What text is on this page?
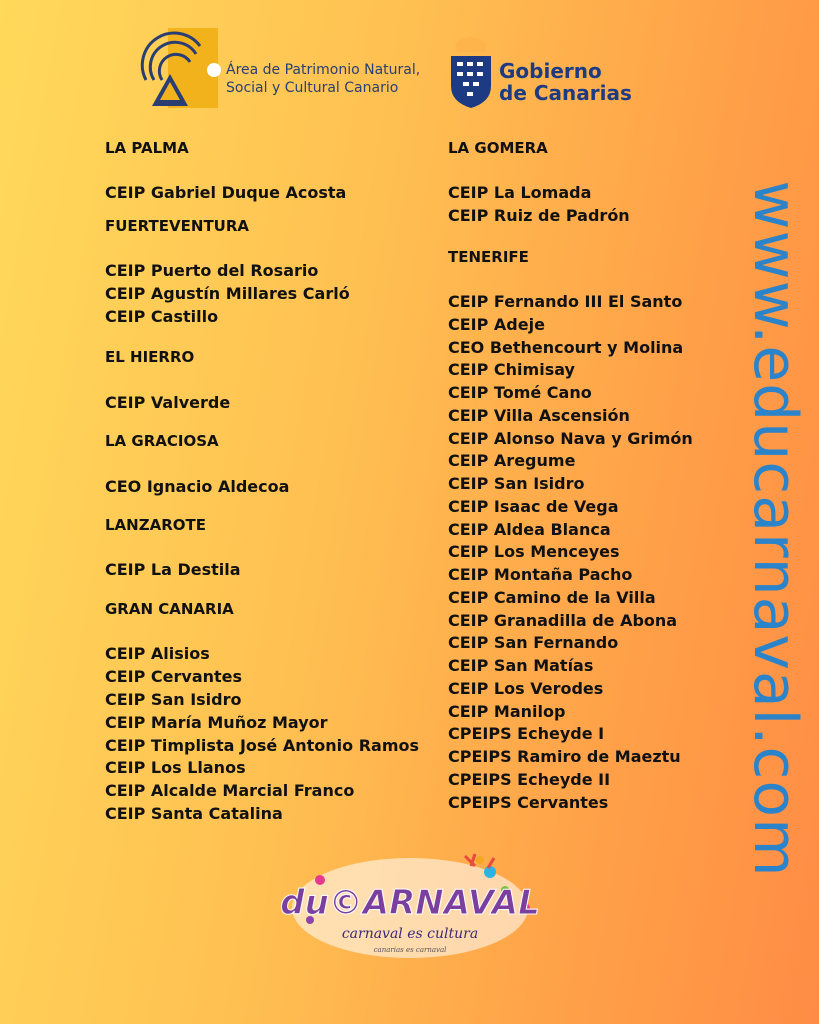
Área de Patrimonio Natural,
Social y Cultural Canario
Gobierno
de Canarias
LA PALMA
CEIP Gabriel Duque Acosta
FUERTEVENTURA
CEIP Puerto del Rosario
CEIP Agustín Millares Carló
CEIP Castillo
EL HIERRO
CEIP Valverde
LA GRACIOSA
CEO Ignacio Aldecoa
LANZAROTE
CEIP La Destila
GRAN CANARIA
CEIP Alisios
CEIP Cervantes
CEIP San Isidro
CEIP María Muñoz Mayor
CEIP Timplista José Antonio Ramos
CEIP Los Llanos
CEIP Alcalde Marcial Franco
CEIP Santa Catalina
LA GOMERA
CEIP La Lomada
CEIP Ruiz de Padrón
TENERIFE
CEIP Fernando III El Santo
CEIP Adeje
CEO Bethencourt y Molina
CEIP Chimisay
CEIP Tomé Cano
CEIP Villa Ascensión
CEIP Alonso Nava y Grimón
CEIP Aregume
CEIP San Isidro
CEIP Isaac de Vega
CEIP Aldea Blanca
CEIP Los Menceyes
CEIP Montaña Pacho
CEIP Camino de la Villa
CEIP Granadilla de Abona
CEIP San Fernando
CEIP San Matías
CEIP Los Verodes
CEIP Manilop
CPEIPS Echeyde I
CPEIPS Ramiro de Maeztu
CPEIPS Echeyde II
CPEIPS Cervantes www.educarnaval.com
du©ARNAVAL
carnaval es cultura
canarias es carnaval
